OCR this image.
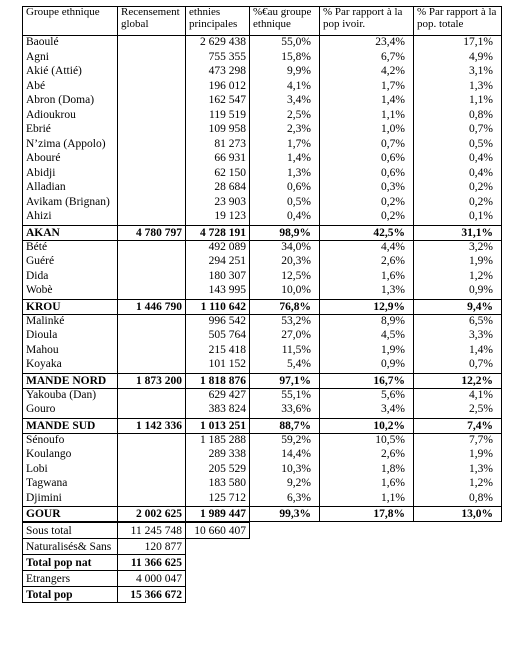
Groupe ethnique	Recensement global	ethnies principales	%€au groupe ethnique	% Par rapport à la pop ivoir.	% Par rapport à la pop. totale
Baoulé		2 629 438	55,0%	23,4%	17,1%
Agni		755 355	15,8%	6,7%	4,9%
Akié (Attié)		473 298	9,9%	4,2%	3,1%
Abé		196 012	4,1%	1,7%	1,3%
Abron (Doma)		162 547	3,4%	1,4%	1,1%
Adioukrou		119 519	2,5%	1,1%	0,8%
Ebrié		109 958	2,3%	1,0%	0,7%
N’zima (Appolo)		81 273	1,7%	0,7%	0,5%
Abouré		66 931	1,4%	0,6%	0,4%
Abidji		62 150	1,3%	0,6%	0,4%
Alladian		28 684	0,6%	0,3%	0,2%
Avikam (Brignan)		23 903	0,5%	0,2%	0,2%
Ahizi		19 123	0,4%	0,2%	0,1%
AKAN	4 780 797	4 728 191	98,9%	42,5%	31,1%
Bété		492 089	34,0%	4,4%	3,2%
Guéré		294 251	20,3%	2,6%	1,9%
Dida		180 307	12,5%	1,6%	1,2%
Wobè		143 995	10,0%	1,3%	0,9%
KROU	1 446 790	1 110 642	76,8%	12,9%	9,4%
Malinké		996 542	53,2%	8,9%	6,5%
Dioula		505 764	27,0%	4,5%	3,3%
Mahou		215 418	11,5%	1,9%	1,4%
Koyaka		101 152	5,4%	0,9%	0,7%
MANDE NORD	1 873 200	1 818 876	97,1%	16,7%	12,2%
Yakouba (Dan)		629 427	55,1%	5,6%	4,1%
Gouro		383 824	33,6%	3,4%	2,5%
MANDE SUD	1 142 336	1 013 251	88,7%	10,2%	7,4%
Sénoufo		1 185 288	59,2%	10,5%	7,7%
Koulango		289 338	14,4%	2,6%	1,9%
Lobi		205 529	10,3%	1,8%	1,3%
Tagwana		183 580	9,2%	1,6%	1,2%
Djimini		125 712	6,3%	1,1%	0,8%
GOUR	2 002 625	1 989 447	99,3%	17,8%	13,0%
Sous total	11 245 748	10 660 407
Naturalisés& Sans	120 877	
Total pop nat	11 366 625	
Etrangers	4 000 047	
Total pop	15 366 672	
